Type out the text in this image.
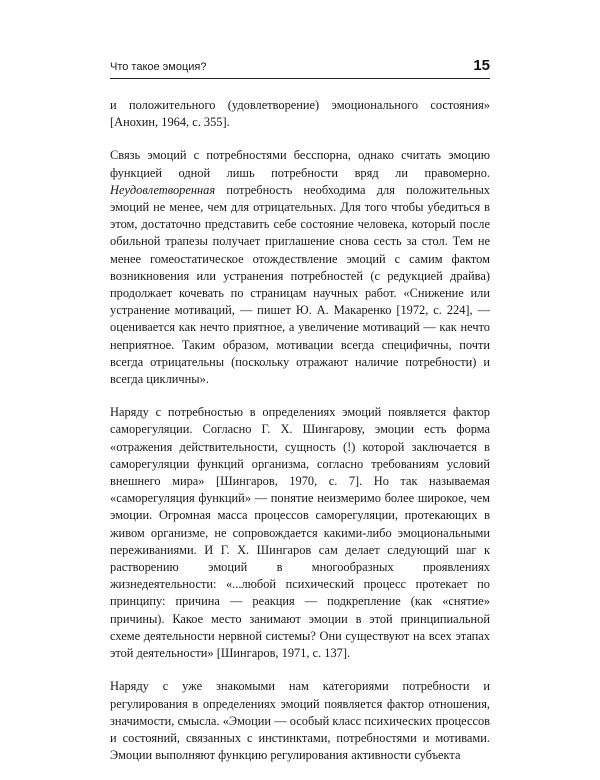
Что такое эмоция?	15

и положительного (удовлетворение) эмоционального состояния» [Анохин, 1964, с. 355].

Связь эмоций с потребностями бесспорна, однако считать эмоцию функцией одной лишь потребности вряд ли правомерно. Неудовлетворенная потребность необходима для положительных эмоций не менее, чем для отрицательных. Для того чтобы убедиться в этом, достаточно представить себе состояние человека, который после обильной трапезы получает приглашение снова сесть за стол. Тем не менее гомеостатическое отождествление эмоций с самим фактом возникновения или устранения потребностей (с редукцией драйва) продолжает кочевать по страницам научных работ. «Снижение или устранение мотиваций, — пишет Ю. А. Макаренко [1972, с. 224], — оценивается как нечто приятное, а увеличение мотиваций — как нечто неприятное. Таким образом, мотивации всегда специфичны, почти всегда отрицательны (поскольку отражают наличие потребности) и всегда цикличны».

Наряду с потребностью в определениях эмоций появляется фактор саморегуляции. Согласно Г. Х. Шингарову, эмоции есть форма «отражения действительности, сущность (!) которой заключается в саморегуляции функций организма, согласно требованиям условий внешнего мира» [Шингаров, 1970, с. 7]. Но так называемая «саморегуляция функций» — понятие неизмеримо более широкое, чем эмоции. Огромная масса процессов саморегуляции, протекающих в живом организме, не сопровождается какими-либо эмоциональными переживаниями. И Г. Х. Шингаров сам делает следующий шаг к растворению эмоций в многообразных проявлениях жизнедеятельности: «...любой психический процесс протекает по принципу: причина — реакция — подкрепление (как «снятие» причины). Какое место занимают эмоции в этой принципиальной схеме деятельности нервной системы? Они существуют на всех этапах этой деятельности» [Шингаров, 1971, с. 137].

Наряду с уже знакомыми нам категориями потребности и регулирования в определениях эмоций появляется фактор отношения, значимости, смысла. «Эмоции — особый класс психических процессов и состояний, связанных с инстинктами, потребностями и мотивами. Эмоции выполняют функцию регулирования активности субъекта
